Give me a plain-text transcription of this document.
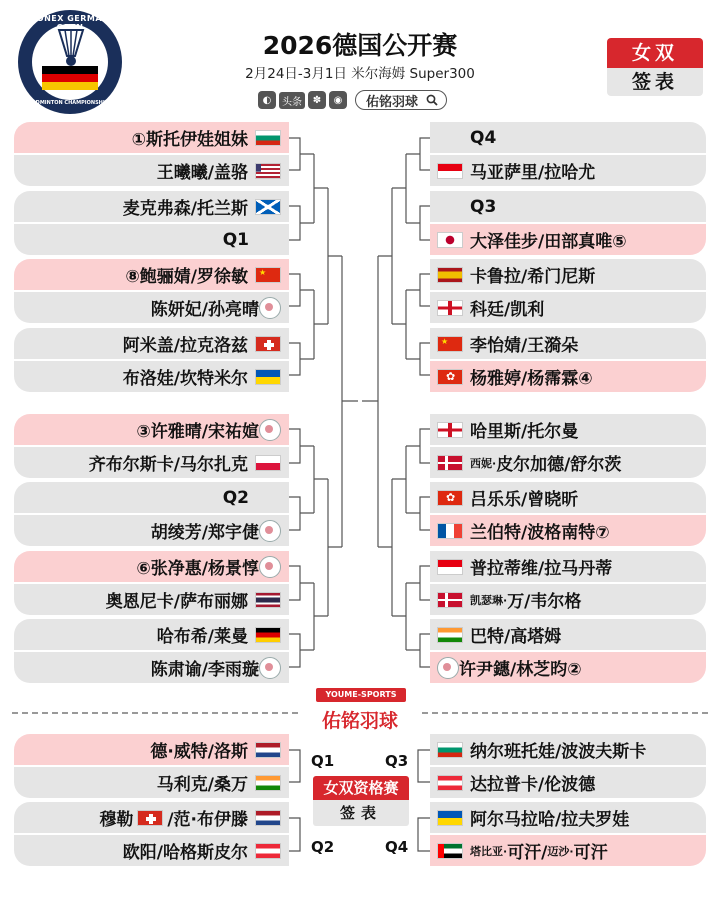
YONEX GERMAN
BADMINTON CHAMPIONSHIPS
2026德国公开赛
2月24日-3月1日 米尔海姆 Super300
◐	头条	✽	◉	佑铭羽球
女双
签表
①斯托伊娃姐妹
王曦曦/盖骆
麦克弗森/托兰斯
Q1
⑧鲍骊婧/罗徐敏 ★
陈妍妃/孙亮晴
阿米盖/拉克洛兹
布洛娃/坎特米尔
③许雅晴/宋祐媗
齐布尔斯卡/马尔扎克
Q2
胡绫芳/郑宇倢
⑥张净惠/杨景惇
奥恩尼卡/萨布丽娜
哈布希/莱曼
陈肃谕/李雨璇
Q4
马亚萨里/拉哈尤
Q3
大泽佳步/田部真唯⑤
卡鲁拉/希门尼斯
科廷/凯利
★ 李怡婧/王漪朵
✿ 杨雅婷/杨霈霖④
哈里斯/托尔曼
西妮· 皮尔加德/ 舒尔茨
✿ 吕乐乐/曾晓昕
兰伯特/波格南特⑦
普拉蒂维/拉马丹蒂
凯瑟琳· 万/韦尔格
巴特/高塔姆
许尹鏸/林芝昀②
YOUME-SPORTS
佑铭羽球
德·威特/洛斯
马利克/桑万
穆勒 /范·布伊滕
欧阳/哈格斯皮尔
纳尔班托娃/波波夫斯卡
达拉普卡/伦波德
阿尔马拉哈/拉夫罗娃
塔比亚· 可汗/ 迈沙· 可汗
女双资格赛
签表
Q1
Q2
Q3
Q4
